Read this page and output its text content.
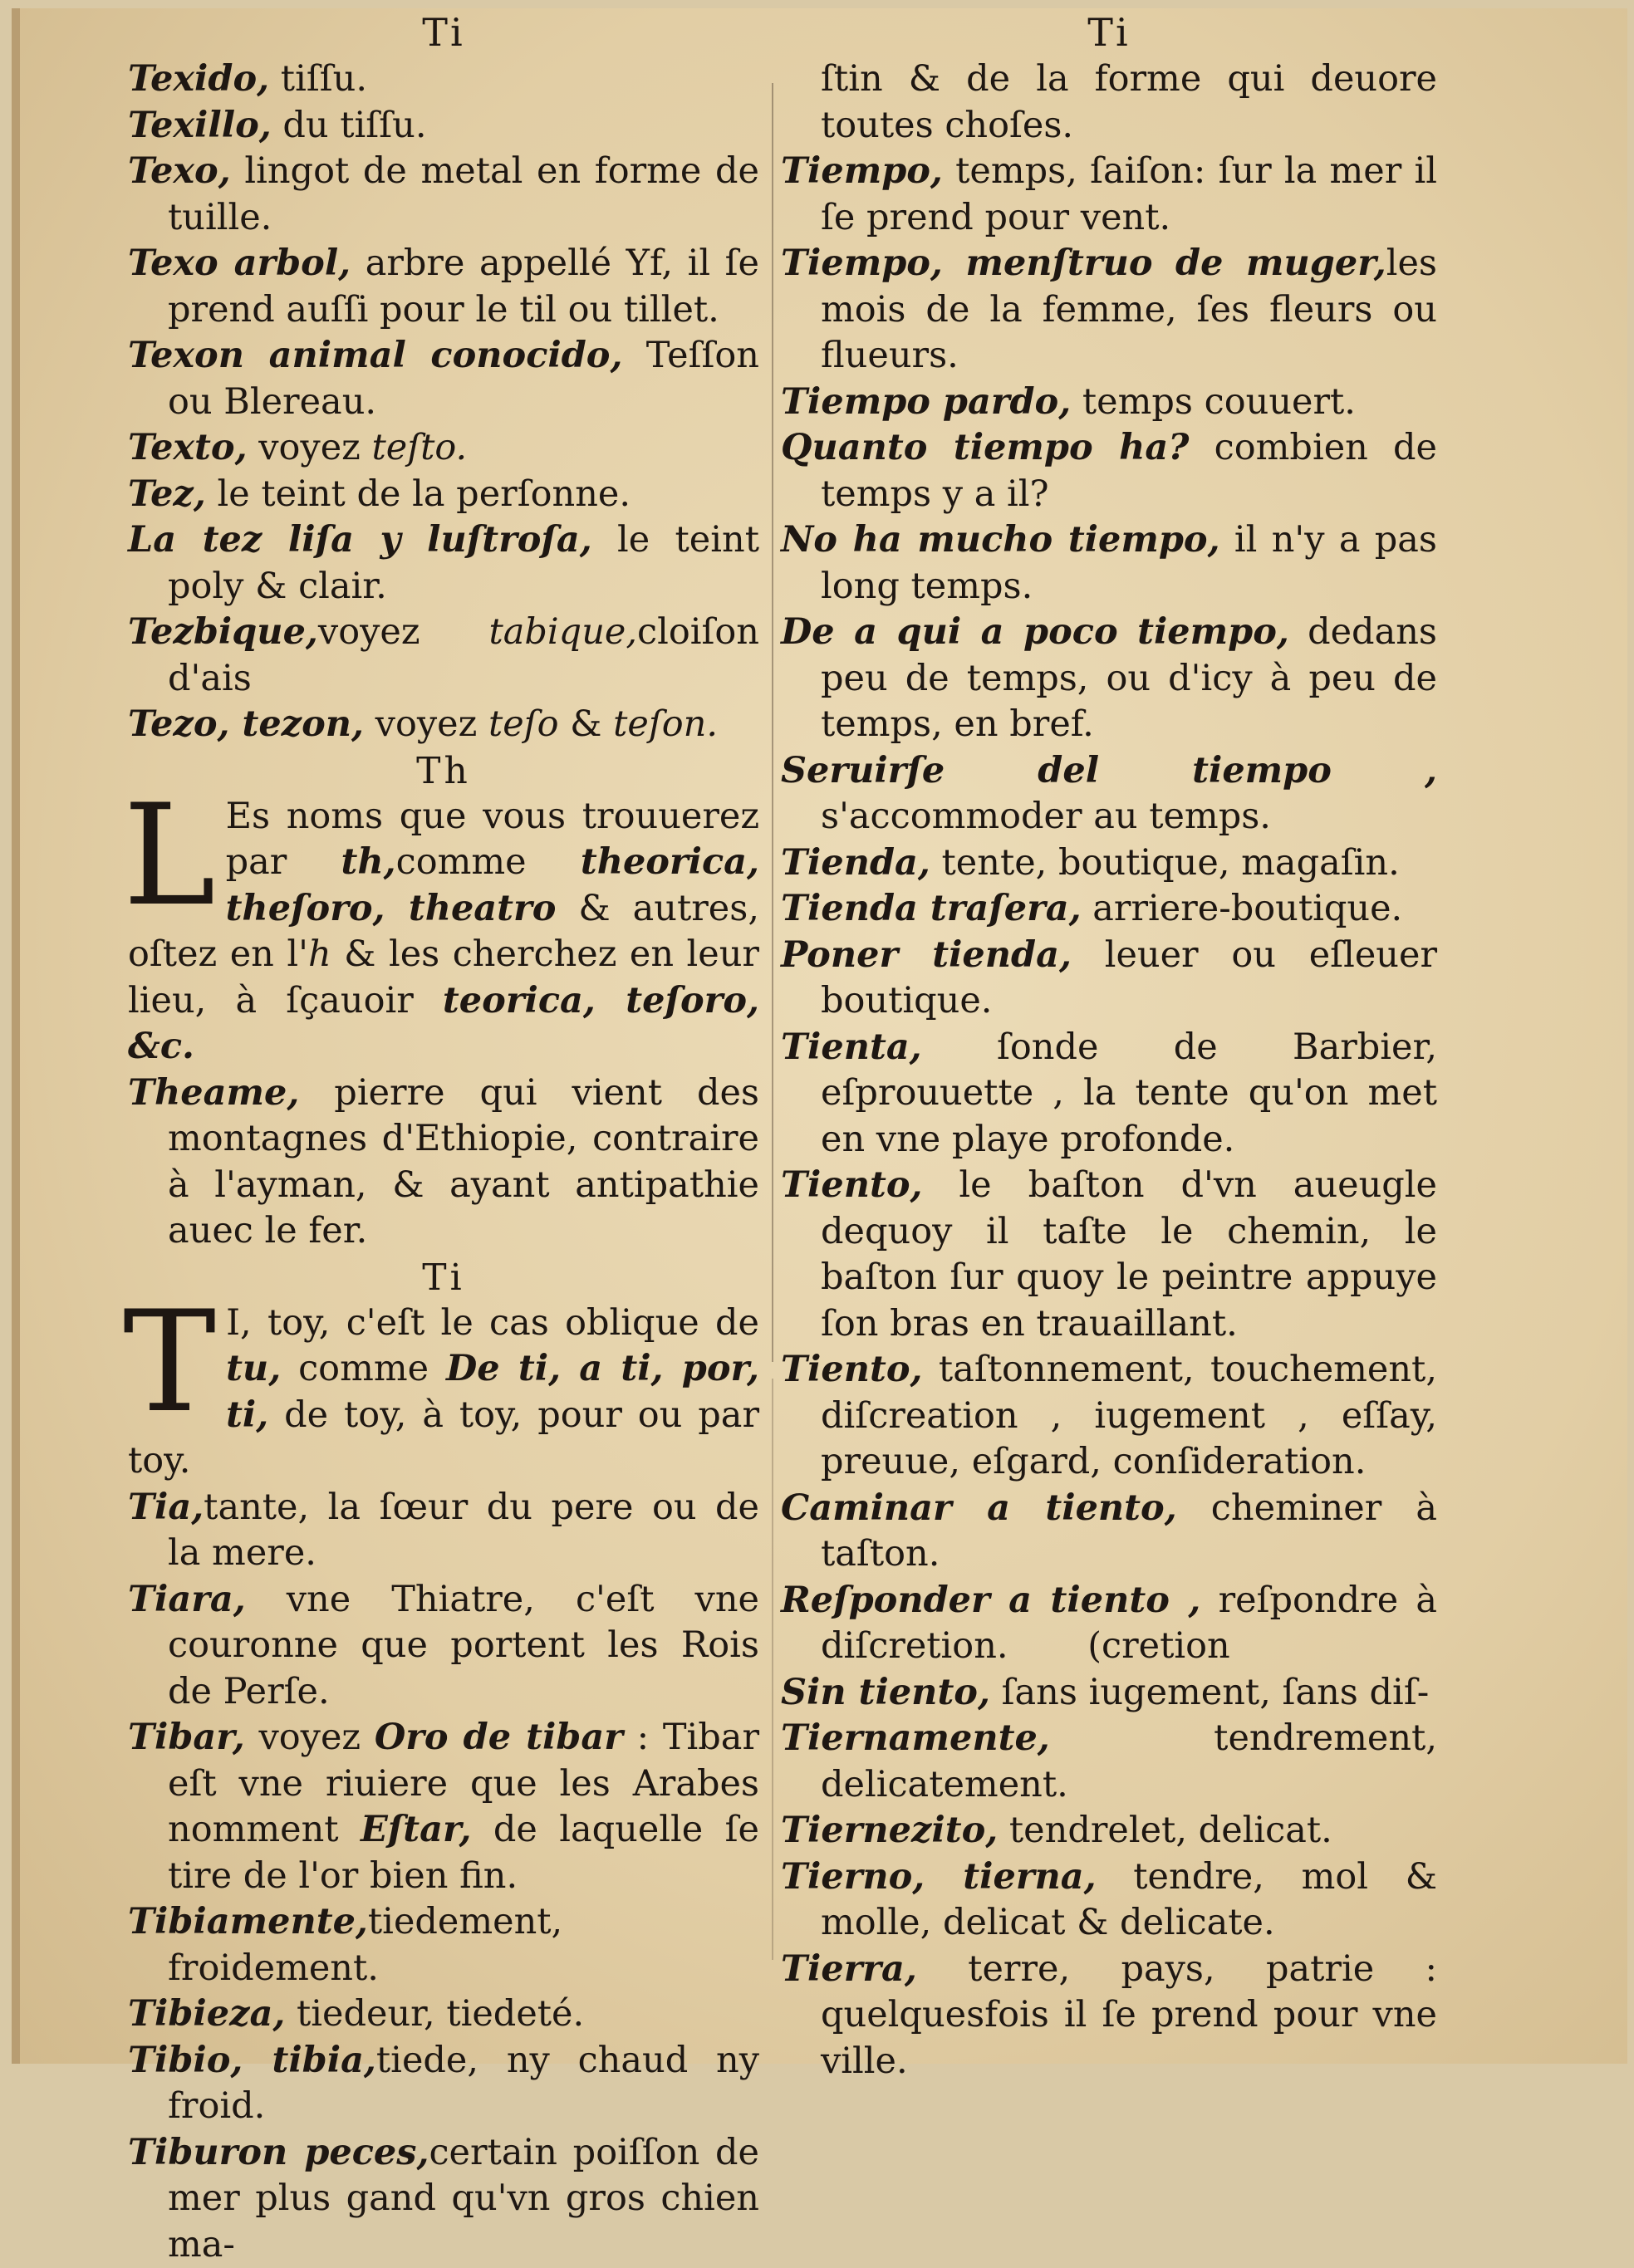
Ti

Texido, tiſſu.

Texillo, du tiſſu.

Texo, lingot de metal en forme de tuille.

Texo arbol, arbre appellé Yf, il ſe prend auſſi pour le til ou tillet.

Texon animal conocido, Teſſon ou Blereau.

Texto, voyez teſto.

Tez, le teint de la perſonne.

La tez liſa y luſtroſa, le teint poly & clair.

Tezbique,voyez tabique,cloiſon d'ais

Tezo, tezon, voyez teſo & teſon.

Th
L Es noms que vous trouuerez par th,comme theorica, theſoro, theatro & autres, oſtez en l'h & les cherchez en leur lieu, à ſçauoir teorica, teſoro, &c.

Theame, pierre qui vient des montagnes d'Ethiopie, contraire à l'ayman, & ayant antipathie auec le fer.

Ti
T I, toy, c'eſt le cas oblique de tu, comme De ti, a ti, por, ti, de toy, à toy, pour ou par toy.

Tia,tante, la ſœur du pere ou de la mere.

Tiara, vne Thiatre, c'eſt vne couronne que portent les Rois de Perſe.

Tibar, voyez Oro de tibar : Tibar eſt vne riuiere que les Arabes nomment Eſtar, de laquelle ſe tire de l'or bien fin.

Tibiamente,tiedement, froidement.

Tibieza, tiedeur, tiedeté.

Tibio, tibia,tiede, ny chaud ny froid.

Tiburon peces,certain poiſſon de mer plus gand qu'vn gros chien ma-

Ti

ſtin & de la forme qui deuore toutes choſes.

Tiempo, temps, ſaiſon: ſur la mer il ſe prend pour vent.

Tiempo, menſtruo de muger,les mois de la femme, ſes fleurs ou flueurs.

Tiempo pardo, temps couuert.

Quanto tiempo ha? combien de temps y a il?

No ha mucho tiempo, il n'y a pas long temps.

De a qui a poco tiempo, dedans peu de temps, ou d'icy à peu de temps, en bref.

Seruirſe del tiempo , s'accommoder au temps.

Tienda, tente, boutique, magaſin.

Tienda traſera, arriere-boutique.

Poner tienda, leuer ou eſleuer boutique.

Tienta, ſonde de Barbier, eſprouuette , la tente qu'on met en vne playe profonde.

Tiento, le baſton d'vn aueugle dequoy il taſte le chemin, le baſton ſur quoy le peintre appuye ſon bras en trauaillant.

Tiento, taſtonnement, touchement, diſcreation , iugement , eſſay, preuue, eſgard, conſideration.

Caminar a tiento, cheminer à taſton.

Reſponder a tiento , reſpondre à diſcretion.       (cretion

Sin tiento, ſans iugement, ſans diſ-

Tiernamente, tendrement, delicatement.

Tiernezito, tendrelet, delicat.

Tierno, tierna, tendre, mol & molle, delicat & delicate.

Tierra, terre, pays, patrie : quelquesfois il ſe prend pour vne ville.
